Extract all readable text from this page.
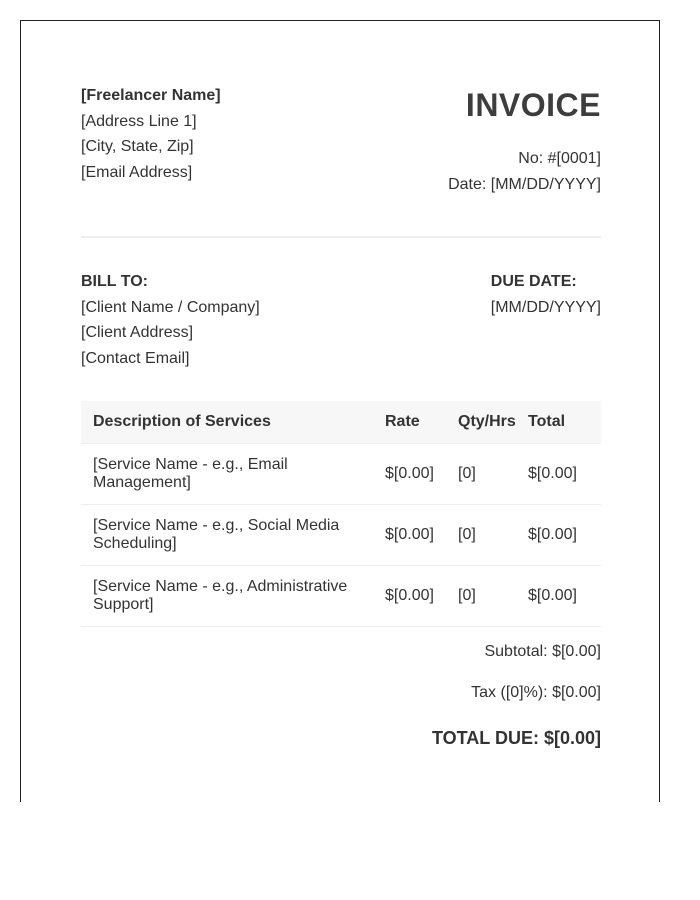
[Freelancer Name]
[Address Line 1]
[City, State, Zip]
[Email Address]
INVOICE
No: #[0001]
Date: [MM/DD/YYYY]
BILL TO:
[Client Name / Company]
[Client Address]
[Contact Email]
DUE DATE:
[MM/DD/YYYY]
Description of Services	Rate	Qty/Hrs	Total
[Service Name - e.g., Email Management]	$[0.00]	[0]	$[0.00]
[Service Name - e.g., Social Media Scheduling]	$[0.00]	[0]	$[0.00]
[Service Name - e.g., Administrative Support]	$[0.00]	[0]	$[0.00]
Subtotal: $[0.00]
Tax ([0]%): $[0.00]
TOTAL DUE: $[0.00]
